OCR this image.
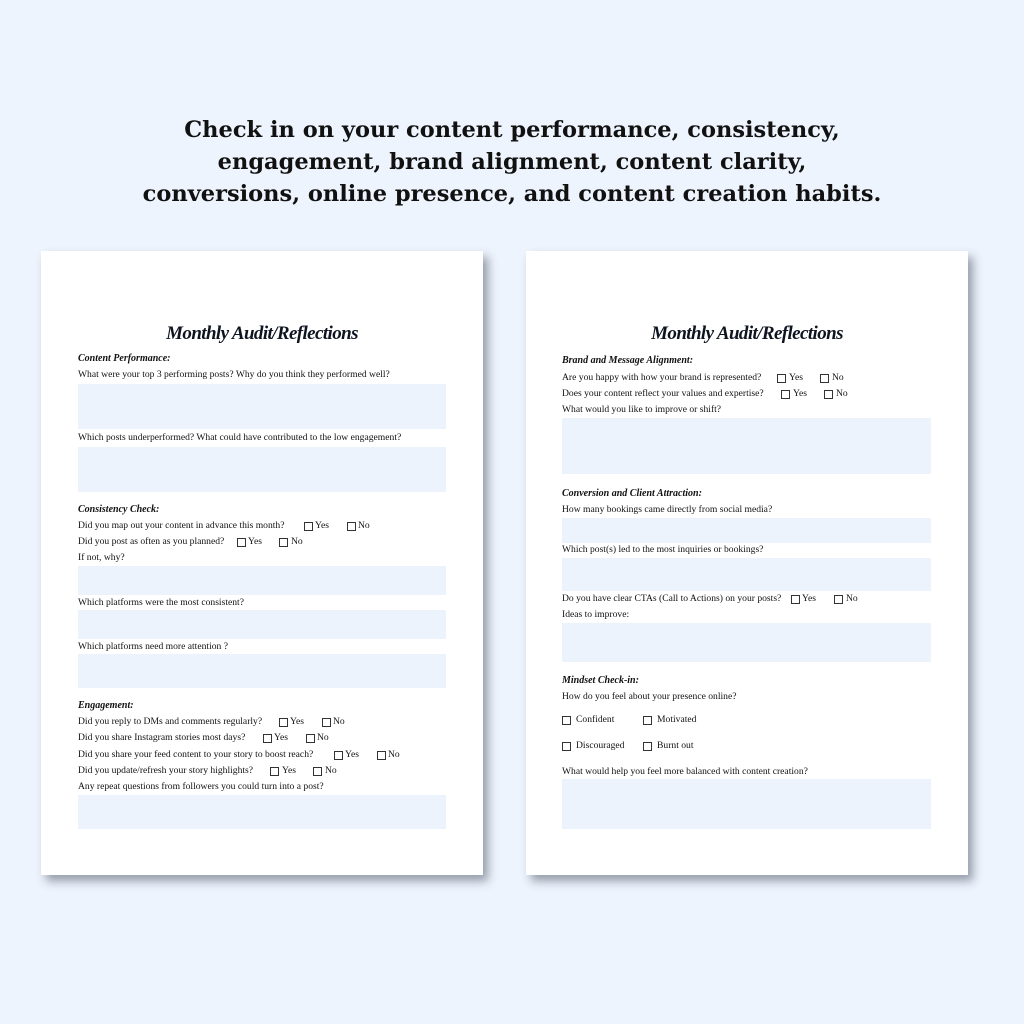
Check in on your content performance, consistency,
engagement, brand alignment, content clarity,
conversions, online presence, and content creation habits.
Monthly Audit/Reflections
Content Performance:
What were your top 3 performing posts? Why do you think they performed well?
Which posts underperformed? What could have contributed to the low engagement?
Consistency Check:
Did you map out your content in advance this month?	Yes	No
Did you post as often as you planned? Yes	No
If not, why?
Which platforms were the most consistent?
Which platforms need more attention ?
Engagement:
Did you reply to DMs and comments regularly?	Yes	No
Did you share Instagram stories most days?	Yes	No
Did you share your feed content to your story to boost reach?	Yes	No
Did you update/refresh your story highlights?	Yes	No
Any repeat questions from followers you could turn into a post?
Monthly Audit/Reflections
Brand and Message Alignment:
Are you happy with how your brand is represented?	Yes	No
Does your content reflect your values and expertise?	Yes	No
What would you like to improve or shift?
Conversion and Client Attraction:
How many bookings came directly from social media?
Which post(s) led to the most inquiries or bookings?
Do you have clear CTAs (Call to Actions) on your posts? Yes	No
Ideas to improve:
Mindset Check-in:
How do you feel about your presence online?
Confident	Motivated
Discouraged	Burnt out
What would help you feel more balanced with content creation?
